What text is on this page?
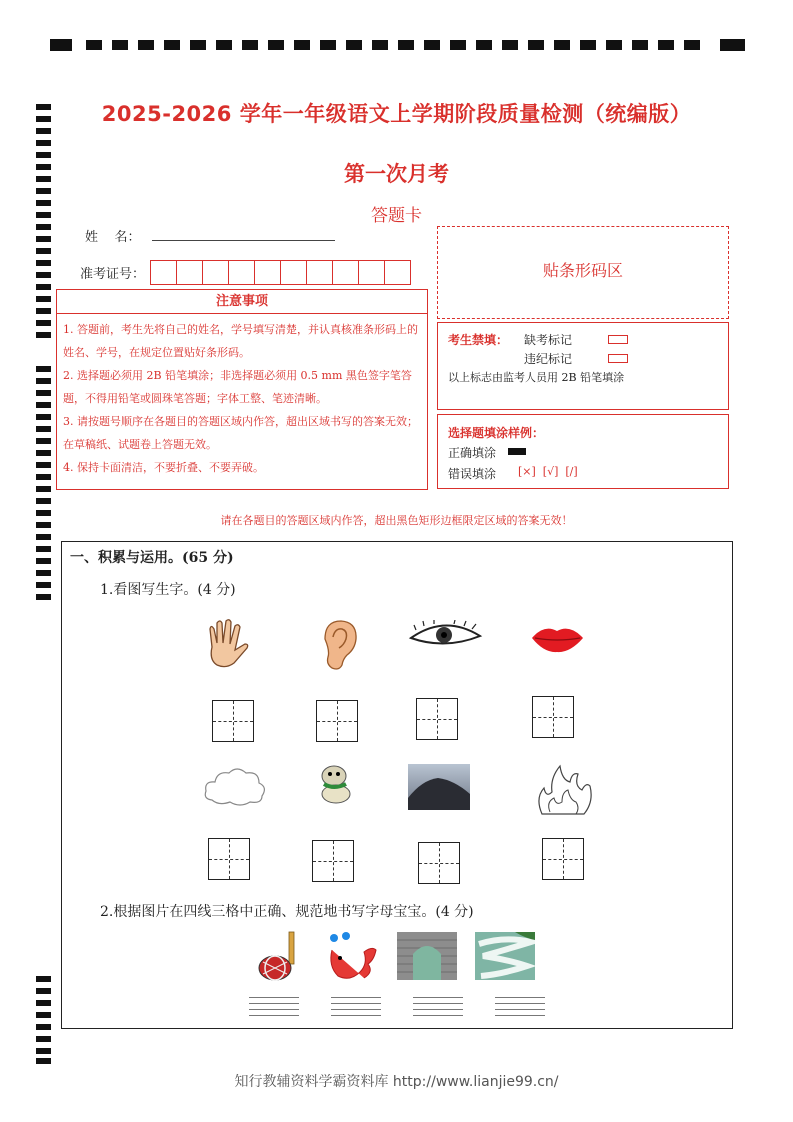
2025-2026 学年一年级语文上学期阶段质量检测（统编版）
第一次月考
答题卡
姓    名：
准考证号：
注意事项
1. 答题前，考生先将自己的姓名，学号填写清楚，并认真核准条形码上的姓名、学号，在规定位置贴好条形码。
2. 选择题必须用 2B 铅笔填涂；非选择题必须用 0.5 mm 黑色签字笔答题，不得用铅笔或圆珠笔答题；字体工整、笔迹清晰。
3. 请按题号顺序在各题目的答题区域内作答，超出区域书写的答案无效；在草稿纸、试题卷上答题无效。
4. 保持卡面清洁，不要折叠、不要弄破。
贴条形码区
考生禁填： 缺考标记
违纪标记
以上标志由监考人员用 2B 铅笔填涂
选择题填涂样例：
正确填涂
错误填涂 [×]  [√]  [/]
请在各题目的答题区域内作答，超出黑色矩形边框限定区域的答案无效！
一、积累与运用。(65 分)
1.看图写生字。(4 分)
2.根据图片在四线三格中正确、规范地书写字母宝宝。(4 分)
知行教辅资料学霸资料库 http://www.lianjie99.cn/
